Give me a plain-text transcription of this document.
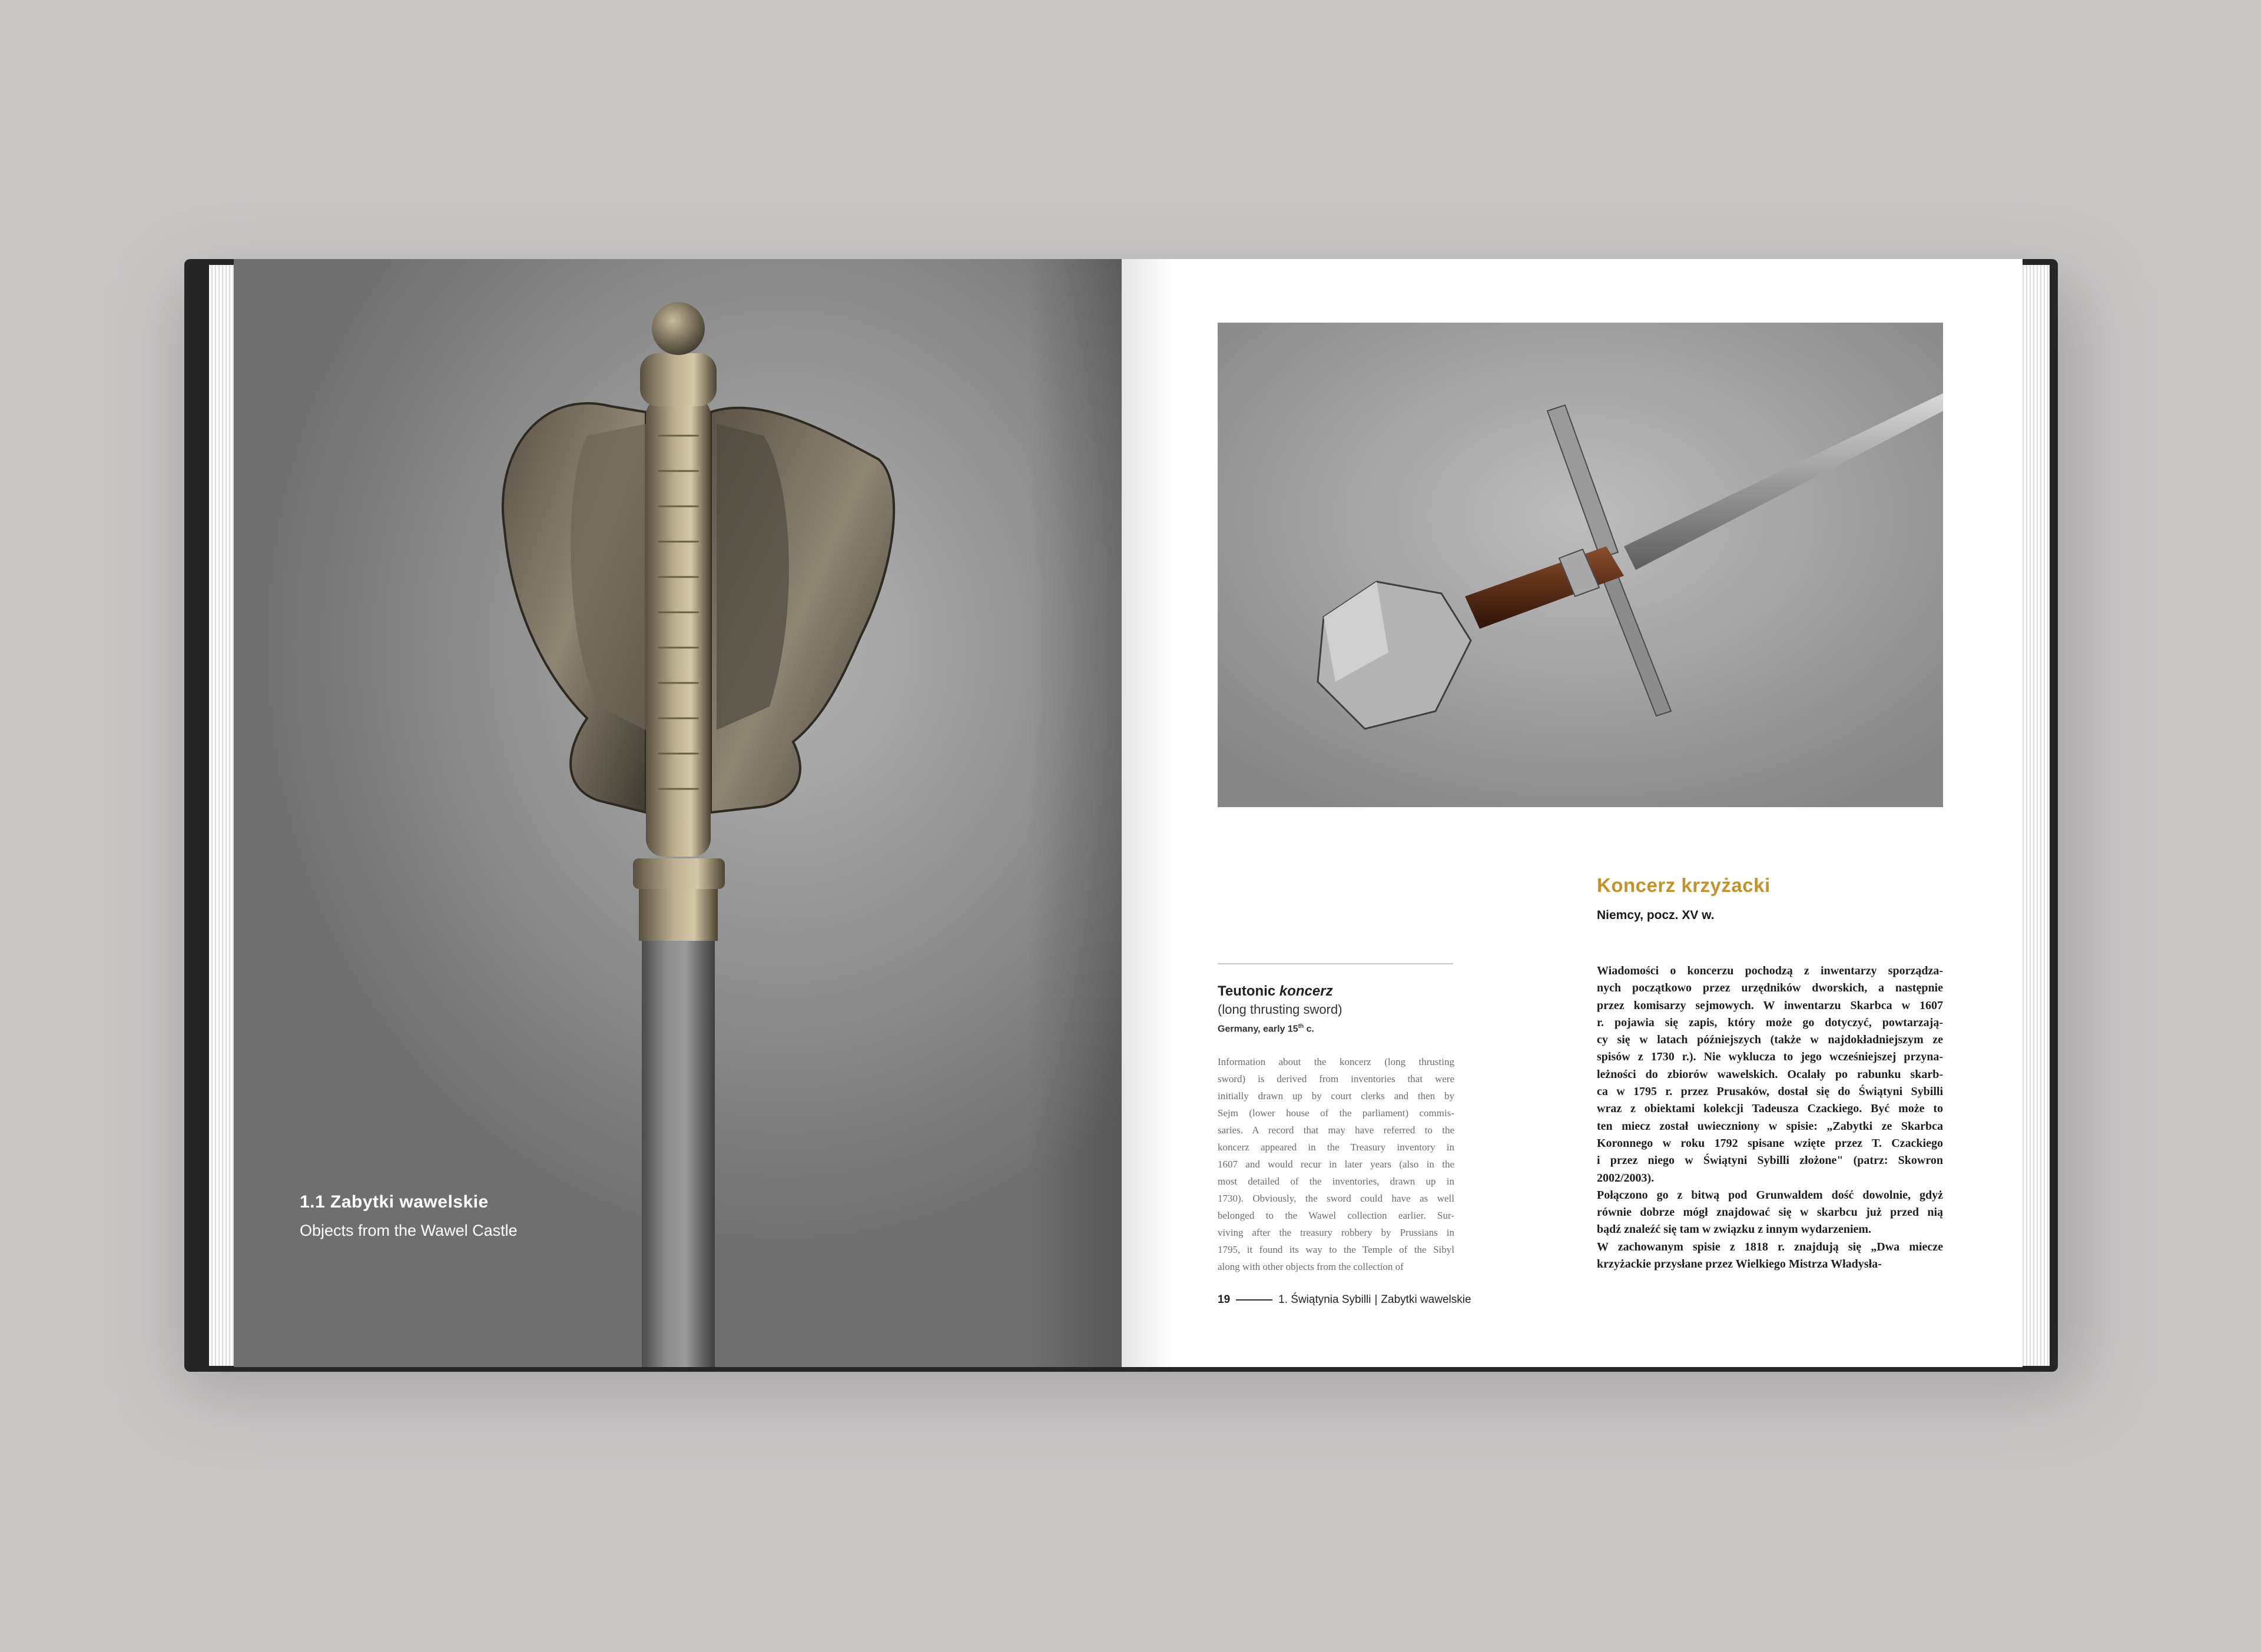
1.1 Zabytki wawelskie
Objects from the Wawel Castle
Koncerz krzyżacki
Niemcy, pocz. XV w.
Teutonic koncerz
(long thrusting sword)
Germany, early 15th c.

Information about the koncerz (long thrusting

sword) is derived from inventories that were

initially drawn up by court clerks and then by

Sejm (lower house of the parliament) commis-

saries. A record that may have referred to the

koncerz appeared in the Treasury inventory in

1607 and would recur in later years (also in the

most detailed of the inventories, drawn up in

1730). Obviously, the sword could have as well

belonged to the Wawel collection earlier. Sur-

viving after the treasury robbery by Prussians in

1795, it found its way to the Temple of the Sibyl

along with other objects from the collection of

Wiadomości o koncerzu pochodzą z inwentarzy sporządza-

nych początkowo przez urzędników dworskich, a następnie

przez komisarzy sejmowych. W inwentarzu Skarbca w 1607

r. pojawia się zapis, który może go dotyczyć, powtarzają-

cy się w latach późniejszych (także w najdokładniejszym ze

spisów z 1730 r.). Nie wyklucza to jego wcześniejszej przyna-

leżności do zbiorów wawelskich. Ocalały po rabunku skarb-

ca w 1795 r. przez Prusaków, dostał się do Świątyni Sybilli

wraz z obiektami kolekcji Tadeusza Czackiego. Być może to

ten miecz został uwieczniony w spisie: „Zabytki ze Skarbca

Koronnego w roku 1792 spisane wzięte przez T. Czackiego

i przez niego w Świątyni Sybilli złożone" (patrz: Skowron

2002/2003).

Połączono go z bitwą pod Grunwaldem dość dowolnie, gdyż

równie dobrze mógł znajdować się w skarbcu już przed nią

bądź znaleźć się tam w związku z innym wydarzeniem.

W zachowanym spisie z 1818 r. znajdują się „Dwa miecze

krzyżackie przysłane przez Wielkiego Mistrza Władysła-

19	1. Świątynia Sybilli | Zabytki wawelskie
